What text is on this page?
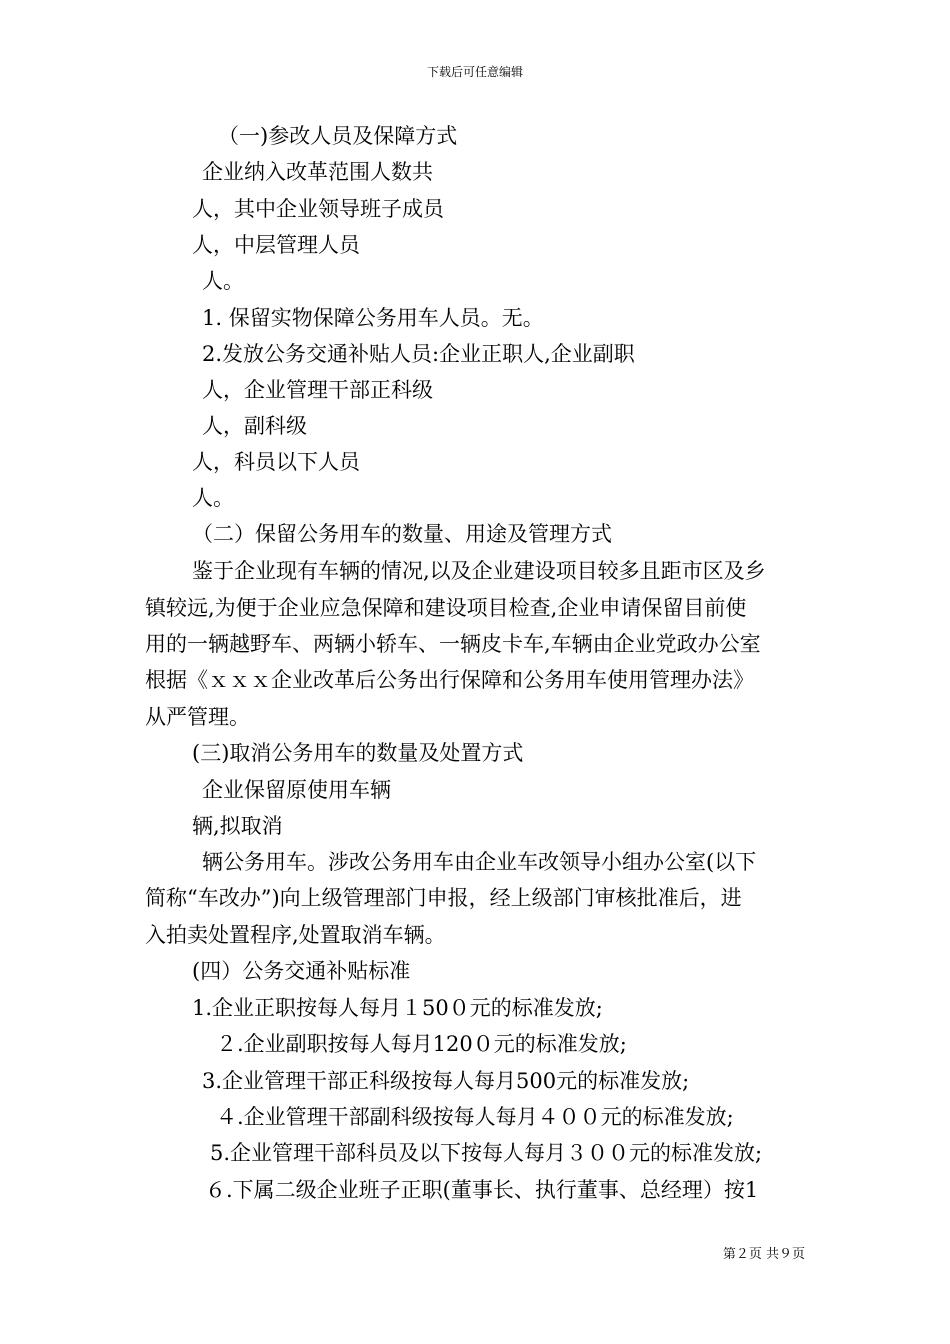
下载后可任意编辑
（一)参改人员及保障方式
企业纳入改革范围人数共
人，其中企业领导班子成员
人，中层管理人员
人。
1. 保留实物保障公务用车人员。无。
2.发放公务交通补贴人员:企业正职人,企业副职
人，企业管理干部正科级
人，副科级
人，科员以下人员
人。
（二）保留公务用车的数量、用途及管理方式
鉴于企业现有车辆的情况,以及企业建设项目较多且距市区及乡
镇较远,为便于企业应急保障和建设项目检查,企业申请保留目前使
用的一辆越野车、两辆小轿车、一辆皮卡车,车辆由企业党政办公室
根据《ｘｘｘ企业改革后公务出行保障和公务用车使用管理办法》
从严管理。
(三)取消公务用车的数量及处置方式
企业保留原使用车辆
辆,拟取消
辆公务用车。涉改公务用车由企业车改领导小组办公室(以下
简称“车改办”)向上级管理部门申报，经上级部门审核批准后，进
入拍卖处置程序,处置取消车辆。
(四）公务交通补贴标准
1.企业正职按每人每月１50０元的标准发放;
２.企业副职按每人每月120０元的标准发放;
3.企业管理干部正科级按每人每月500元的标准发放;
４.企业管理干部副科级按每人每月４００元的标准发放;
5.企业管理干部科员及以下按每人每月３００元的标准发放;
６.下属二级企业班子正职(董事长、执行董事、总经理）按1
第２页 共９页
